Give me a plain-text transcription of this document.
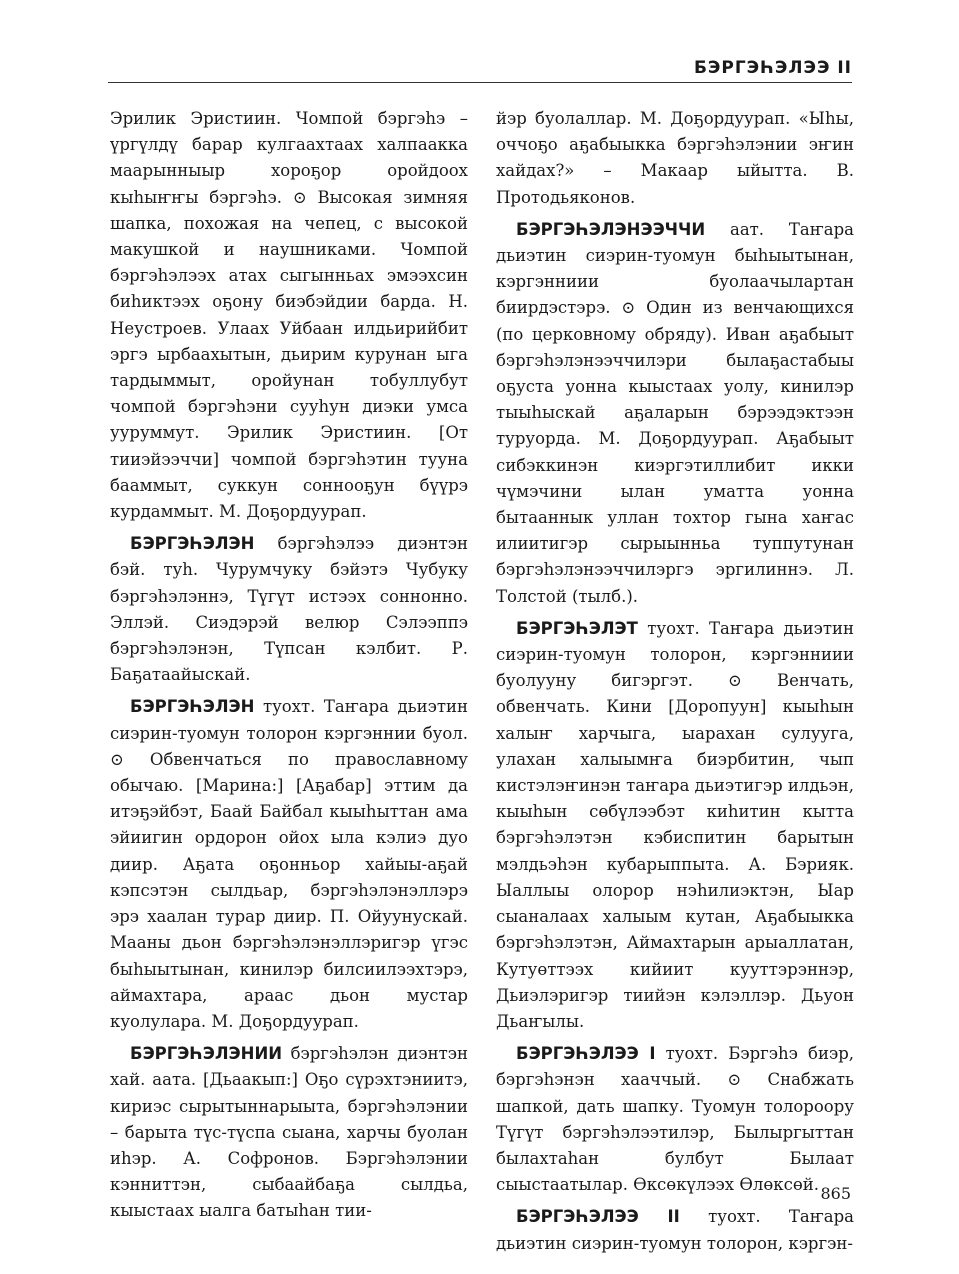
БЭРГЭҺЭЛЭЭ II

Эрилик Эристиин. Чомпой бэргэһэ – үргүлдү барар кулгаахтаах халпаакка маарынныыр хороҕор оройдоох кыһыҥҥы бэргэһэ. ⊙ Высокая зимняя шапка, похожая на чепец, с высокой макушкой и наушниками. Чомпой бэргэһэлээх атах сыгынньах эмээхсин биһиктээх оҕону биэбэйдии барда. Н. Неустроев. Улаах Уйбаан илдьирийбит эргэ ырбаахытын, дьирим курунан ыга тардыммыт, оройунан тобуллубут чомпой бэргэһэни сууһун диэки умса ууруммут. Эрилик Эристиин. [От тииэйээччи] чомпой бэргэһэтин тууна бааммыт, суккун соннооҕун бүүрэ курдаммыт. М. Доҕордуурап.

БЭРГЭҺЭЛЭН бэргэһэлээ диэнтэн бэй. туһ. Чурумчуку бэйэтэ Чубуку бэргэһэлэннэ, Түгүт истээх соннонно. Эллэй. Сиэдэрэй велюр Сэлээппэ бэргэһэлэнэн, Түпсан кэлбит. Р. Баҕатаайыскай.

БЭРГЭҺЭЛЭН туохт. Таҥара дьиэтин сиэрин-туомун толорон кэргэннии буол. ⊙ Обвенчаться по православному обычаю. [Марина:] [Аҕабар] эттим да итэҕэйбэт, Баай Байбал кыыһыттан ама эйиигин ордорон ойох ыла кэлиэ дуо диир. Аҕата оҕонньор хайыы-аҕай кэпсэтэн сылдьар, бэргэһэлэнэллэрэ эрэ хаалан турар диир. П. Ойуунускай. Мааны дьон бэргэһэлэнэллэригэр үгэс быһыытынан, кинилэр билсиилээхтэрэ, аймахтара, араас дьон мустар куолулара. М. Доҕордуурап.

БЭРГЭҺЭЛЭНИИ бэргэһэлэн диэнтэн хай. аата. [Дьаакып:] Оҕо сүрэхтэниитэ, кириэс сырытыннарыыта, бэргэһэлэнии – барыта түс-түспа сыана, харчы буолан иһэр. А. Софронов. Бэргэһэлэнии кэнниттэн, сыбаайбаҕа сылдьа, кыыстаах ыалга батыһан тии-

йэр буолаллар. М. Доҕордуурап. «Ыһы, оччоҕо аҕабыыкка бэргэһэлэнии эҥин хайдах?» – Макаар ыйытта. В. Протодьяконов.

БЭРГЭҺЭЛЭНЭЭЧЧИ аат. Таҥара дьиэтин сиэрин-туомун быһыытынан, кэргэнниии буолаачылартан биирдэстэрэ. ⊙ Один из венчающихся (по церковному обряду). Иван аҕабыыт бэргэһэлэнээччилэри былаҕастабыы оҕуста уонна кыыстаах уолу, кинилэр тыыһыскай аҕаларын бэрээдэктээн туруорда. М. Доҕордуурап. Аҕабыыт сибэккинэн киэргэтиллибит икки чүмэчини ылан уматта уонна бытааннык уллан тохтор гына хаҥас илиитигэр сырыынньа туппутунан бэргэһэлэнээччилэргэ эргилиннэ. Л. Толстой (тылб.).

БЭРГЭҺЭЛЭТ туохт. Таҥара дьиэтин сиэрин-туомун толорон, кэргэнниии буолууну бигэргэт. ⊙ Венчать, обвенчать. Кини [Доропуун] кыыһын халыҥ харчыга, ыарахан сулууга, улахан халыымҥа биэрбитин, чып кистэлэҥинэн таҥара дьиэтигэр илдьэн, кыыһын сөбүлээбэт киһитин кытта бэргэһэлэтэн кэбиспитин барытын мэлдьэһэн кубарыппыта. А. Бэрияк. Ыаллыы олорор нэһилиэктэн, Ыар сыаналаах халыым кутан, Аҕабыыкка бэргэһэлэтэн, Аймахтарын арыаллатан, Кутуөттээх кийиит кууттэрэннэр, Дьиэлэригэр тиийэн кэлэллэр. Дьуон Дьаҥылы.

БЭРГЭҺЭЛЭЭ I туохт. Бэргэһэ биэр, бэргэһэнэн хааччый. ⊙ Снабжать шапкой, дать шапку. Туомун толороору Түгүт бэргэһэлээтилэр, Былыргыттан былахтаһан булбут Былаат сыыстаатылар. Өксөкүлээх Өлөксөй.

БЭРГЭҺЭЛЭЭ II туохт. Таҥара дьиэтин сиэрин-туомун толорон, кэргэн-

865
